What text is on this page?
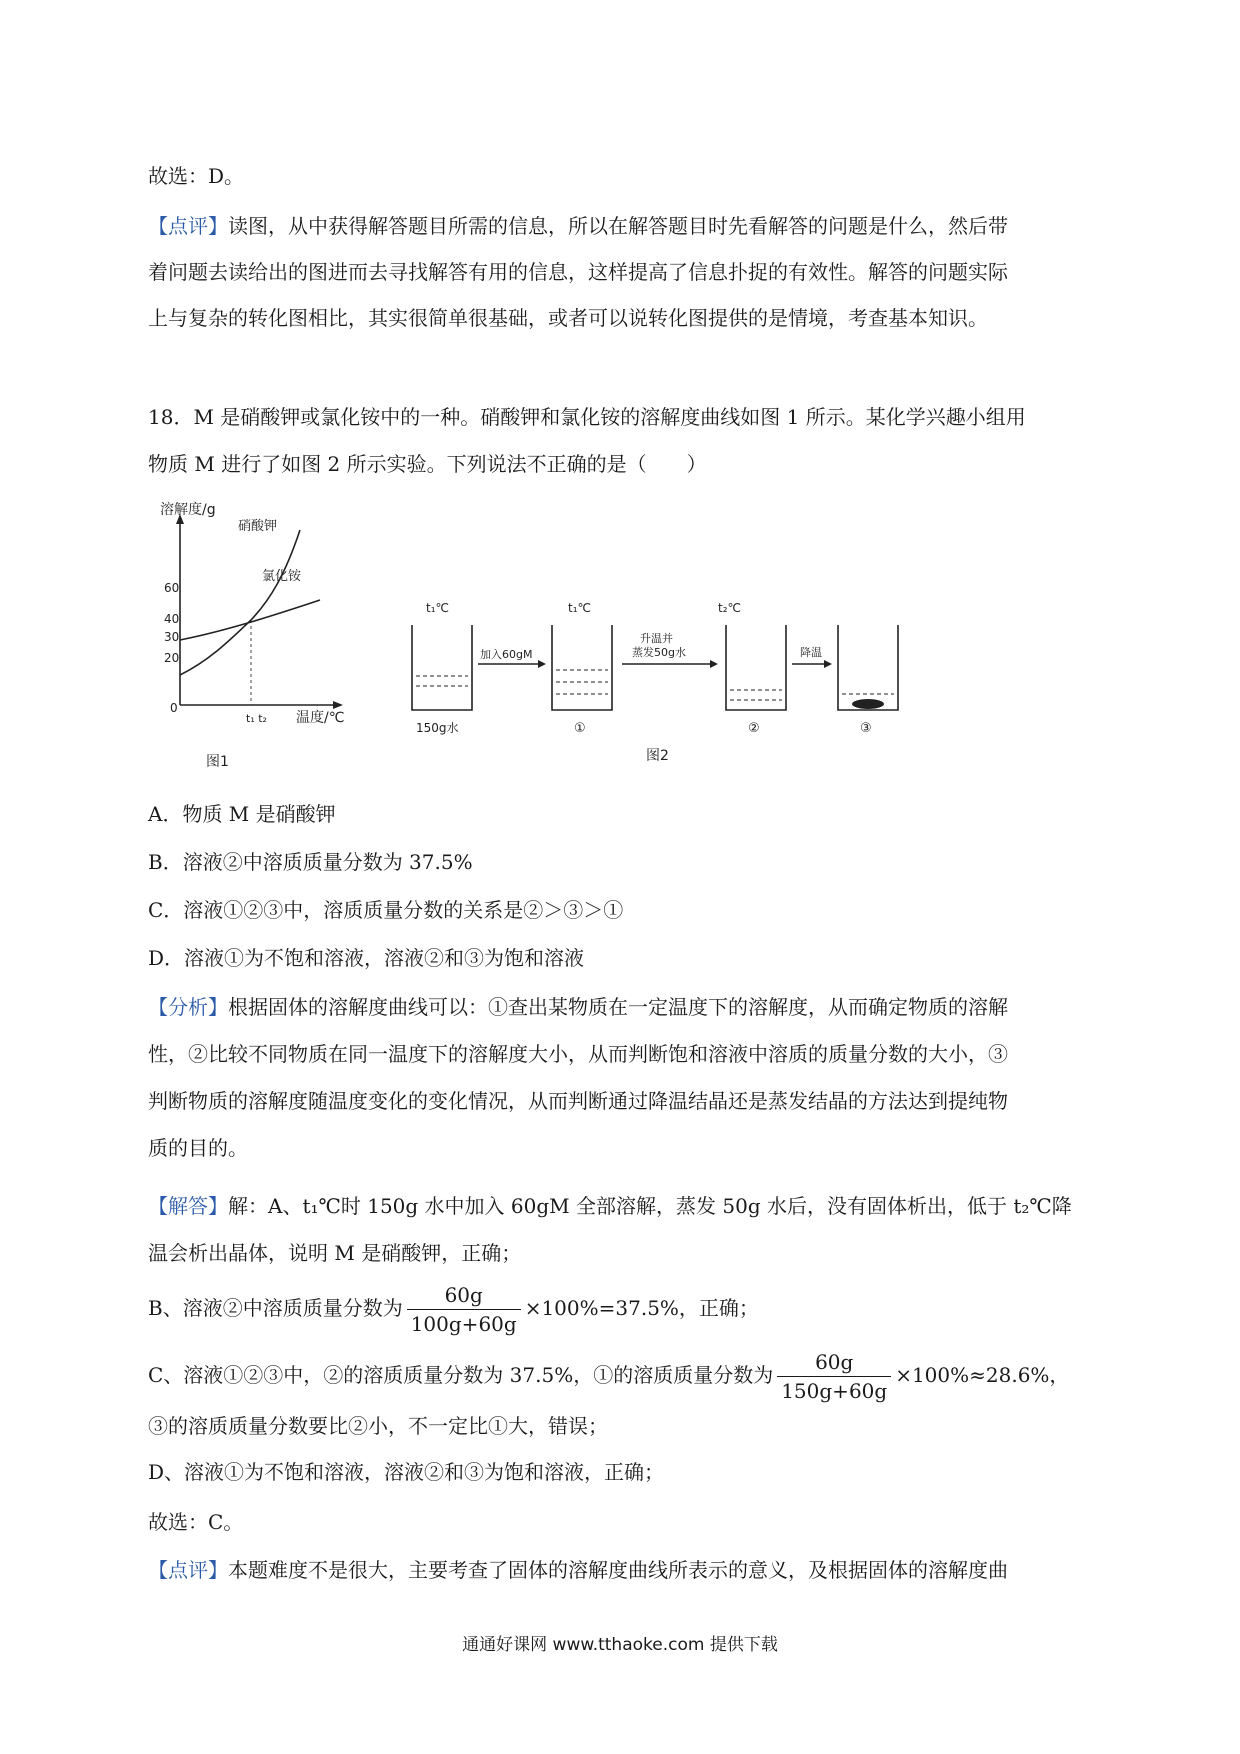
故选：D。
【点评】读图，从中获得解答题目所需的信息，所以在解答题目时先看解答的问题是什么，然后带
着问题去读给出的图进而去寻找解答有用的信息，这样提高了信息扑捉的有效性。解答的问题实际
上与复杂的转化图相比，其实很简单很基础，或者可以说转化图提供的是情境，考查基本知识。
18．M 是硝酸钾或氯化铵中的一种。硝酸钾和氯化铵的溶解度曲线如图 1 所示。某化学兴趣小组用
物质 M 进行了如图 2 所示实验。下列说法不正确的是（　　）
溶解度/g
温度/℃
60
40
30
20
0
t₁ t₂
硝酸钾
氯化铵
图1
t₁℃
150g水
加入60gM
t₁℃
①
升温并
蒸发50g水
t₂℃
②
降温
③
图2
A．物质 M 是硝酸钾
B．溶液②中溶质质量分数为 37.5%
C．溶液①②③中，溶质质量分数的关系是②＞③＞①
D．溶液①为不饱和溶液，溶液②和③为饱和溶液
【分析】根据固体的溶解度曲线可以：①查出某物质在一定温度下的溶解度，从而确定物质的溶解
性，②比较不同物质在同一温度下的溶解度大小，从而判断饱和溶液中溶质的质量分数的大小，③
判断物质的溶解度随温度变化的变化情况，从而判断通过降温结晶还是蒸发结晶的方法达到提纯物
质的目的。
【解答】解：A、t₁℃时 150g 水中加入 60gM 全部溶解，蒸发 50g 水后，没有固体析出，低于 t₂℃降
温会析出晶体，说明 M 是硝酸钾，正确；
B、溶液②中溶质质量分数为 $\frac{60g}{100g+60g} \times 100\%=37.5\%$，正确；
C、溶液①②③中，②的溶质质量分数为 37.5%，①的溶质质量分数为 $\frac{60g}{150g+60g} \times 100\%\approx 28.6\%$，
③的溶质质量分数要比②小，不一定比①大，错误；
D、溶液①为不饱和溶液，溶液②和③为饱和溶液，正确；
故选：C。
【点评】本题难度不是很大，主要考查了固体的溶解度曲线所表示的意义，及根据固体的溶解度曲
通通好课网 www.tthaoke.com 提供下载
